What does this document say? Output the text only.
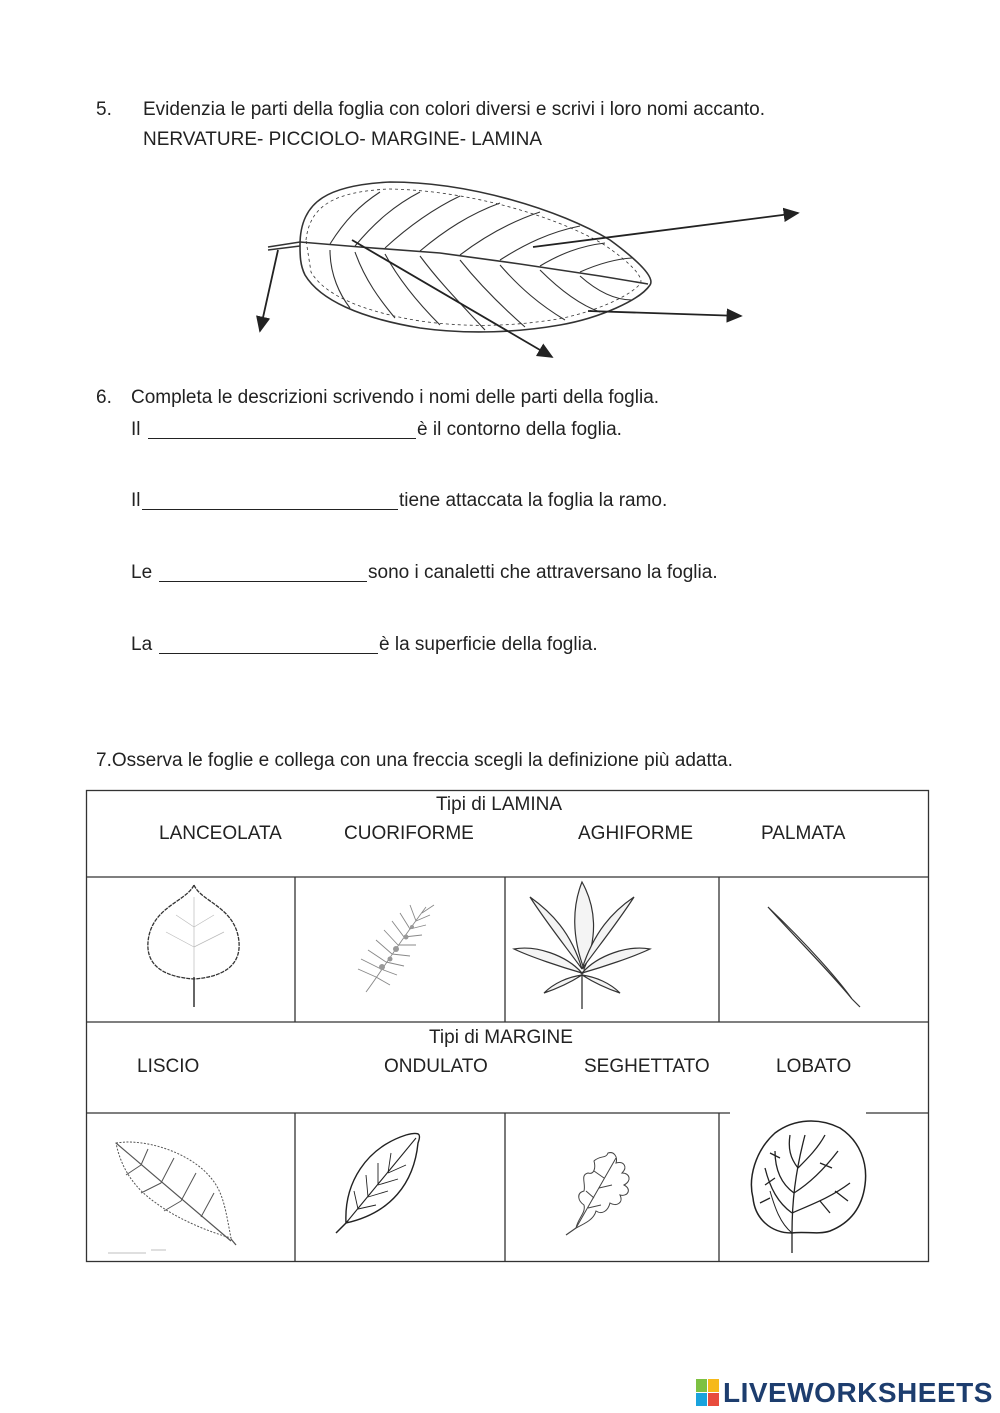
5. Evidenzia le parti della foglia con colori diversi e scrivi i loro nomi accanto.
NERVATURE- PICCIOLO- MARGINE- LAMINA
6. Completa le descrizioni scrivendo i nomi delle parti della foglia.
Il	è il contorno della foglia.
Il	tiene attaccata la foglia la ramo.
Le	sono i canaletti che attraversano la foglia.
La	è la superficie della foglia.
7.Osserva le foglie e collega con una freccia scegli la definizione più adatta.
Tipi di LAMINA
LANCEOLATA	CUORIFORME	AGHIFORME	PALMATA
Tipi di MARGINE
LISCIO	ONDULATO	SEGHETTATO	LOBATO
LIVEWORKSHEETS
